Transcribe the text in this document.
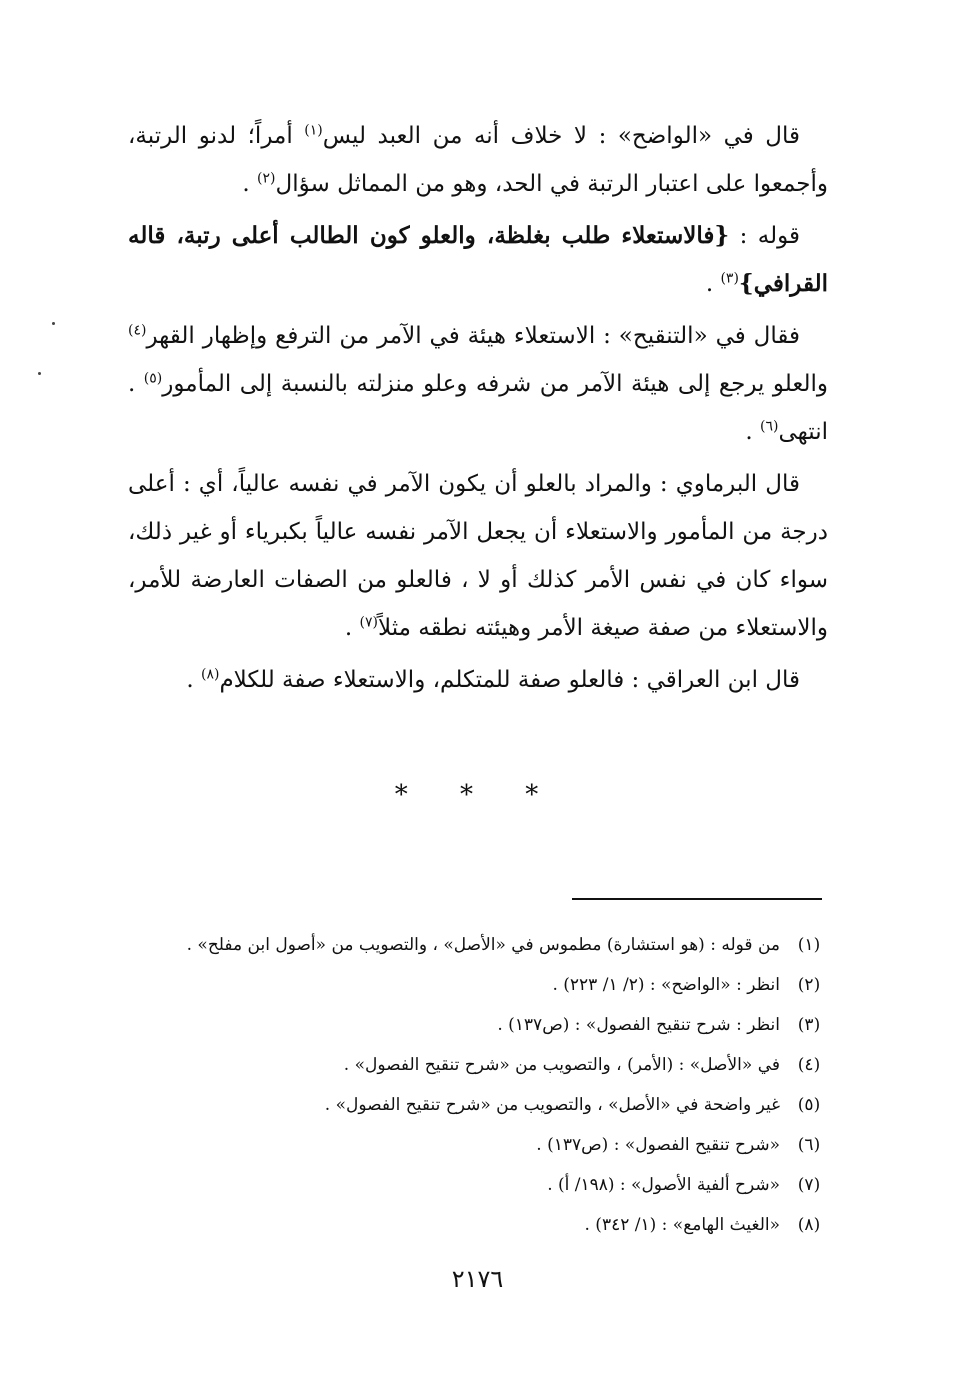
قال في «الواضح» : لا خلاف أنه من العبد ليس$^{(١)}$ أمراً؛ لدنو الرتبة، وأجمعوا على اعتبار الرتبة في الحد، وهو من المماثل سؤال$^{(٢)}$ .

قوله : {فالاستعلاء طلب بغلظة، والعلو كون الطالب أعلى رتبة، قاله القرافي}$^{(٣)}$ .

فقال في «التنقيح» : الاستعلاء هيئة في الآمر من الترفع وإظهار القهر$^{(٤)}$ والعلو يرجع إلى هيئة الآمر من شرفه وعلو منزلته بالنسبة إلى المأمور$^{(٥)}$ . انتهى$^{(٦)}$ .

قال البرماوي : والمراد بالعلو أن يكون الآمر في نفسه عالياً، أي : أعلى درجة من المأمور والاستعلاء أن يجعل الآمر نفسه عالياً بكبرياء أو غير ذلك، سواء كان في نفس الأمر كذلك أو لا ، فالعلو من الصفات العارضة للأمر، والاستعلاء من صفة صيغة الأمر وهيئته نطقه مثلاً$^{(٧)}$ .

قال ابن العراقي : فالعلو صفة للمتكلم، والاستعلاء صفة للكلام$^{(٨)}$ .

* * *
(١)من قوله : (هو استشارة) مطموس في «الأصل» ، والتصويب من «أصول ابن مفلح» .
(٢)انظر : «الواضح» : (٢/ ١/ ٢٢٣) .
(٣)انظر : شرح تنقيح الفصول» : (ص١٣٧) .
(٤)في «الأصل» : (الأمر) ، والتصويب من «شرح تنقيح الفصول» .
(٥)غير واضحة في «الأصل» ، والتصويب من «شرح تنقيح الفصول» .
(٦)«شرح تنقيح الفصول» : (ص١٣٧) .
(٧)«شرح ألفية الأصول» : (١٩٨/ أ) .
(٨)«الغيث الهامع» : (١/ ٣٤٢) .
٢١٧٦
